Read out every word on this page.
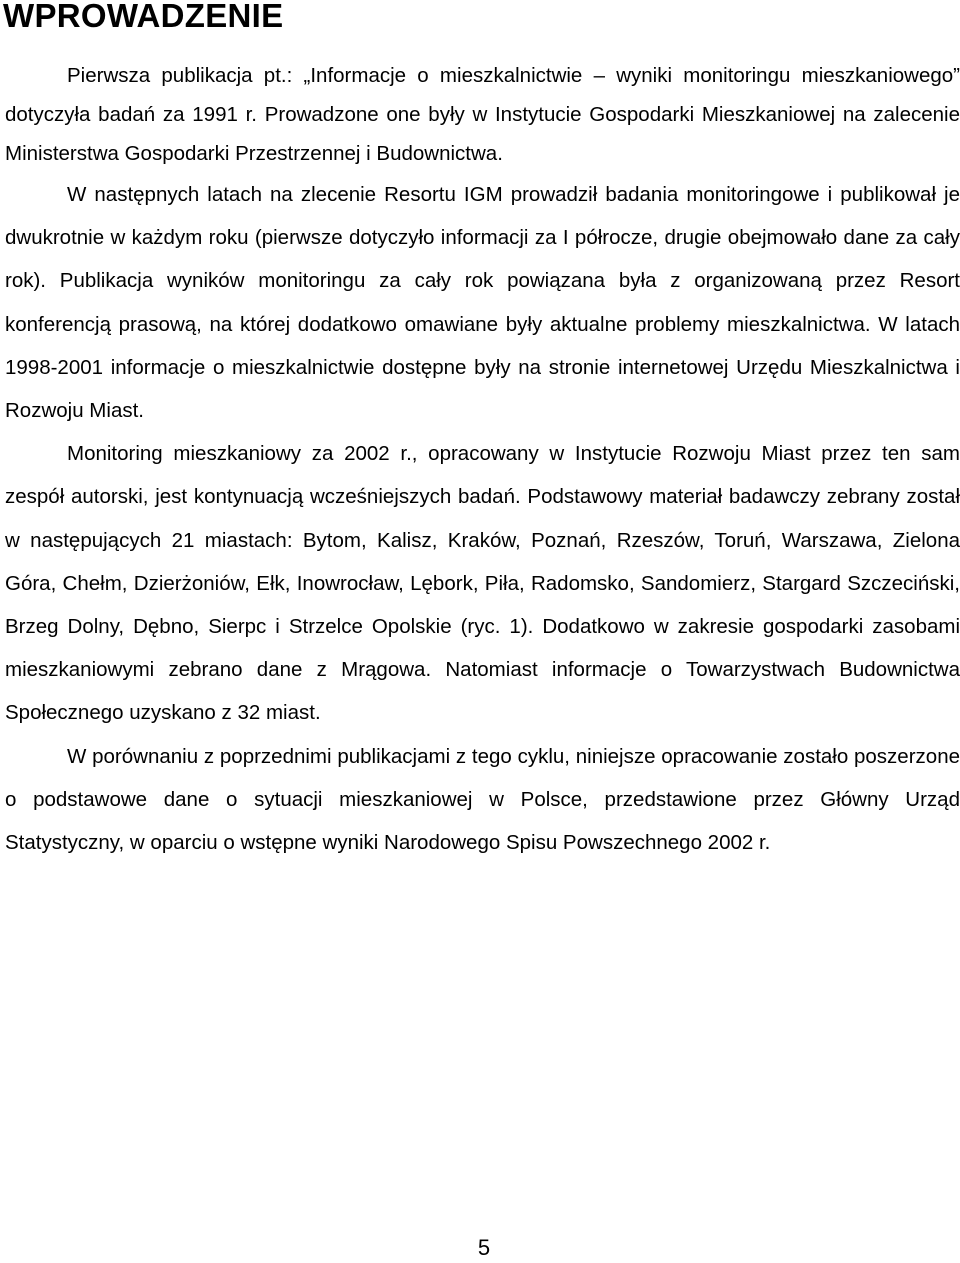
WPROWADZENIE

Pierwsza publikacja pt.: „Informacje o mieszkalnictwie – wyniki monitoringu mieszkaniowego” dotyczyła badań za 1991 r. Prowadzone one były w Instytucie Gospodarki Mieszkaniowej na zalecenie Ministerstwa Gospodarki Przestrzennej i Budownictwa.

W następnych latach na zlecenie Resortu IGM prowadził badania monitoringowe i publikował je dwukrotnie w każdym roku (pierwsze dotyczyło informacji za I półrocze, drugie obejmowało dane za cały rok). Publikacja wyników monitoringu za cały rok powiązana była z organizowaną przez Resort konferencją prasową, na której dodatkowo omawiane były aktualne problemy mieszkalnictwa. W latach 1998-2001 informacje o mieszkalnictwie dostępne były na stronie internetowej Urzędu Mieszkalnictwa i Rozwoju Miast.

Monitoring mieszkaniowy za 2002 r., opracowany w Instytucie Rozwoju Miast przez ten sam zespół autorski, jest kontynuacją wcześniejszych badań. Podstawowy materiał badawczy zebrany został w następujących 21 miastach: Bytom, Kalisz, Kraków, Poznań, Rzeszów, Toruń, Warszawa, Zielona Góra, Chełm, Dzierżoniów, Ełk, Inowrocław, Lębork, Piła, Radomsko, Sandomierz, Stargard Szczeciński, Brzeg Dolny, Dębno, Sierpc i Strzelce Opolskie (ryc. 1). Dodatkowo w zakresie gospodarki zasobami mieszkaniowymi zebrano dane z Mrągowa. Natomiast informacje o Towarzystwach Budownictwa Społecznego uzyskano z 32 miast.

W porównaniu z poprzednimi publikacjami z tego cyklu, niniejsze opracowanie zostało poszerzone o podstawowe dane o sytuacji mieszkaniowej w Polsce, przedstawione przez Główny Urząd Statystyczny, w oparciu o wstępne wyniki Narodowego Spisu Powszechnego 2002 r.

5
